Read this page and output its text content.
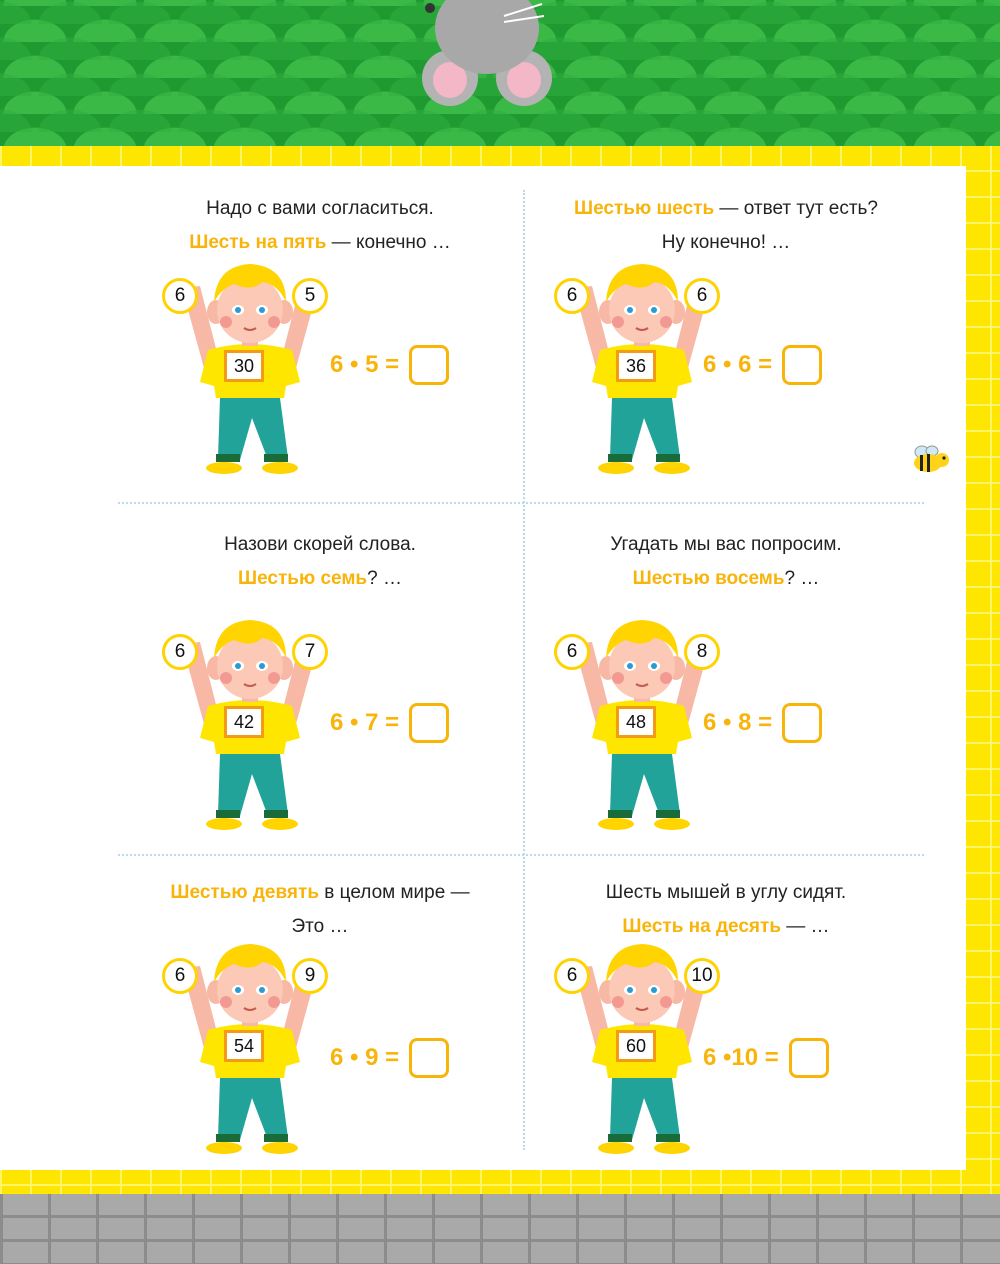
Надо с вами согласиться.
Шесть на пять — конечно …
6	5
30	6 • 5 =
Шестью шесть — ответ тут есть?
Ну конечно! …
6	6
36	6 • 6 =
Назови скорей слова.
Шестью семь? …
6	7
42	6 • 7 =
Угадать мы вас попросим.
Шестью восемь? …
6	8
48	6 • 8 =
Шестью девять в целом мире —
Это …
6	9
54	6 • 9 =
Шесть мышей в углу сидят.
Шесть на десять — …
6	10
60	6 •10 =
